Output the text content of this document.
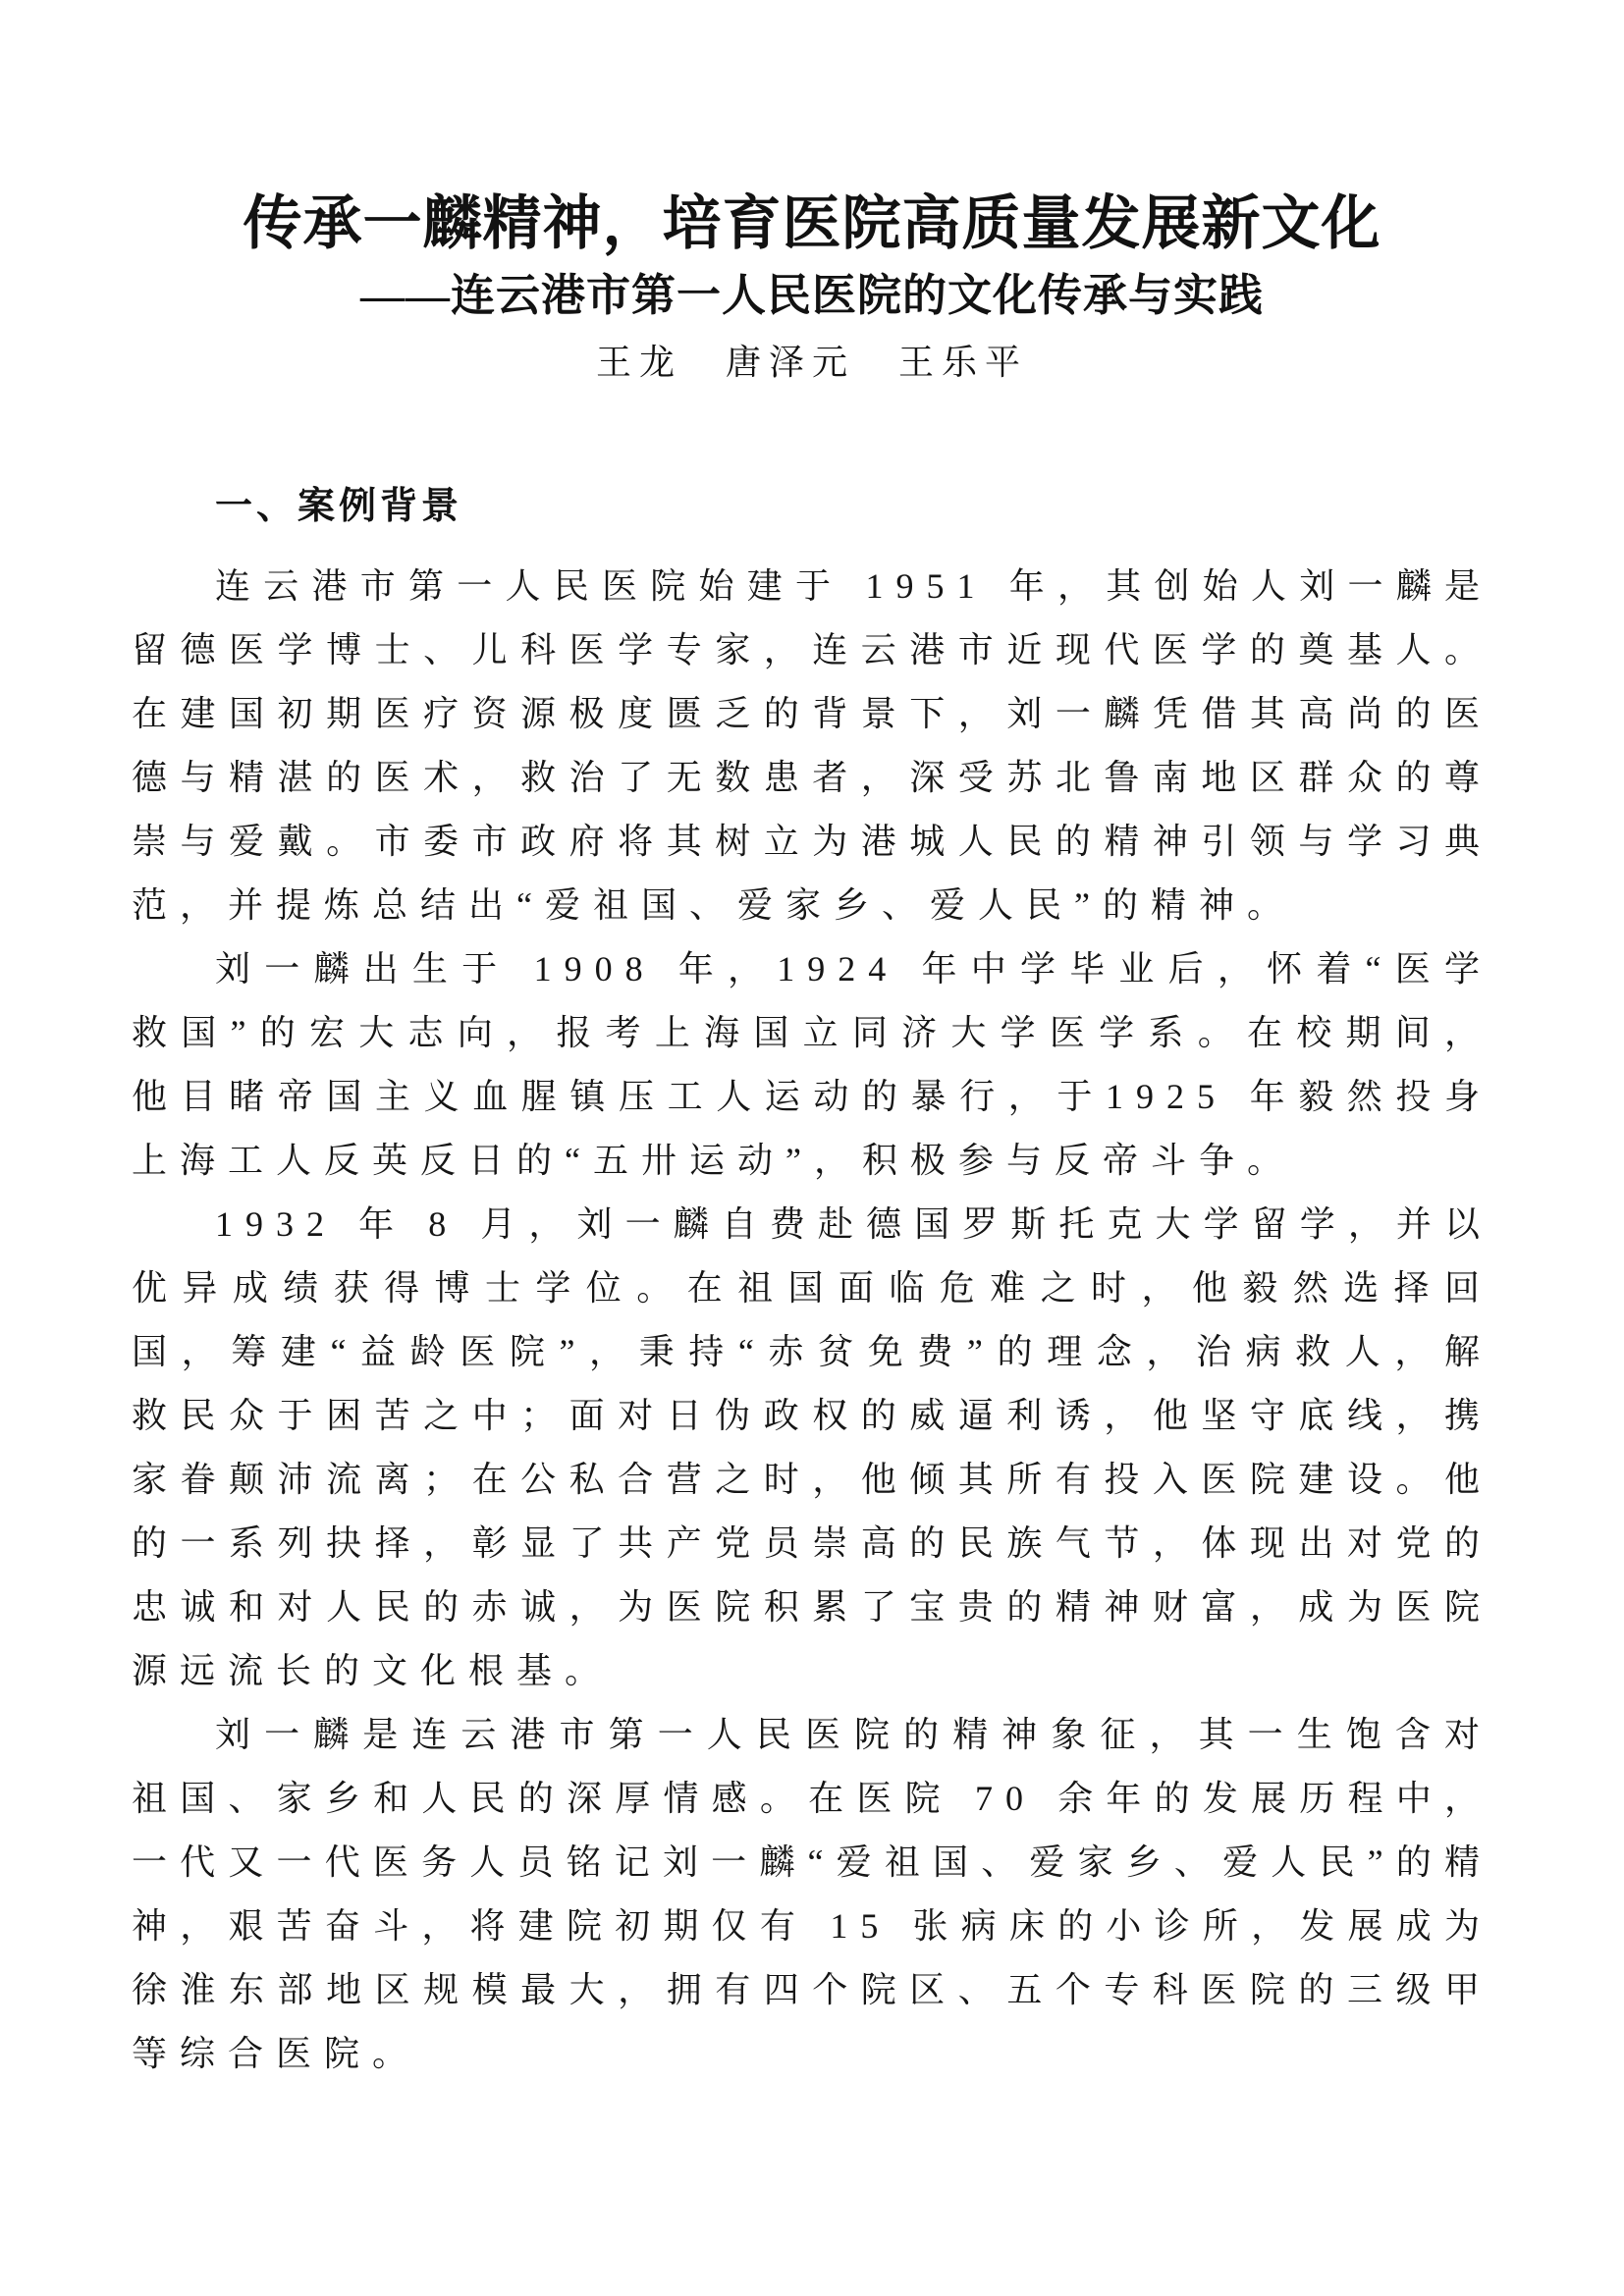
传承一麟精神，培育医院高质量发展新文化
——连云港市第一人民医院的文化传承与实践
王龙　唐泽元　王乐平
一、案例背景

连云港市第一人民医院始建于 1951 年，其创始人刘一麟是留德医学博士、儿科医学专家，连云港市近现代医学的奠基人。在建国初期医疗资源极度匮乏的背景下，刘一麟凭借其高尚的医德与精湛的医术，救治了无数患者，深受苏北鲁南地区群众的尊崇与爱戴。市委市政府将其树立为港城人民的精神引领与学习典范，并提炼总结出“爱祖国、爱家乡、爱人民”的精神。

刘一麟出生于 1908 年，1924 年中学毕业后，怀着“医学救国”的宏大志向，报考上海国立同济大学医学系。在校期间，他目睹帝国主义血腥镇压工人运动的暴行，于1925 年毅然投身上海工人反英反日的“五卅运动”，积极参与反帝斗争。

1932 年 8 月，刘一麟自费赴德国罗斯托克大学留学，并以优异成绩获得博士学位。在祖国面临危难之时，他毅然选择回国，筹建“益龄医院”，秉持“赤贫免费”的理念，治病救人，解救民众于困苦之中；面对日伪政权的威逼利诱，他坚守底线，携家眷颠沛流离；在公私合营之时，他倾其所有投入医院建设。他的一系列抉择，彰显了共产党员崇高的民族气节，体现出对党的忠诚和对人民的赤诚，为医院积累了宝贵的精神财富，成为医院源远流长的文化根基。

刘一麟是连云港市第一人民医院的精神象征，其一生饱含对祖国、家乡和人民的深厚情感。在医院 70 余年的发展历程中，一代又一代医务人员铭记刘一麟“爱祖国、爱家乡、爱人民”的精神，艰苦奋斗，将建院初期仅有 15 张病床的小诊所，发展成为徐淮东部地区规模最大，拥有四个院区、五个专科医院的三级甲等综合医院。
